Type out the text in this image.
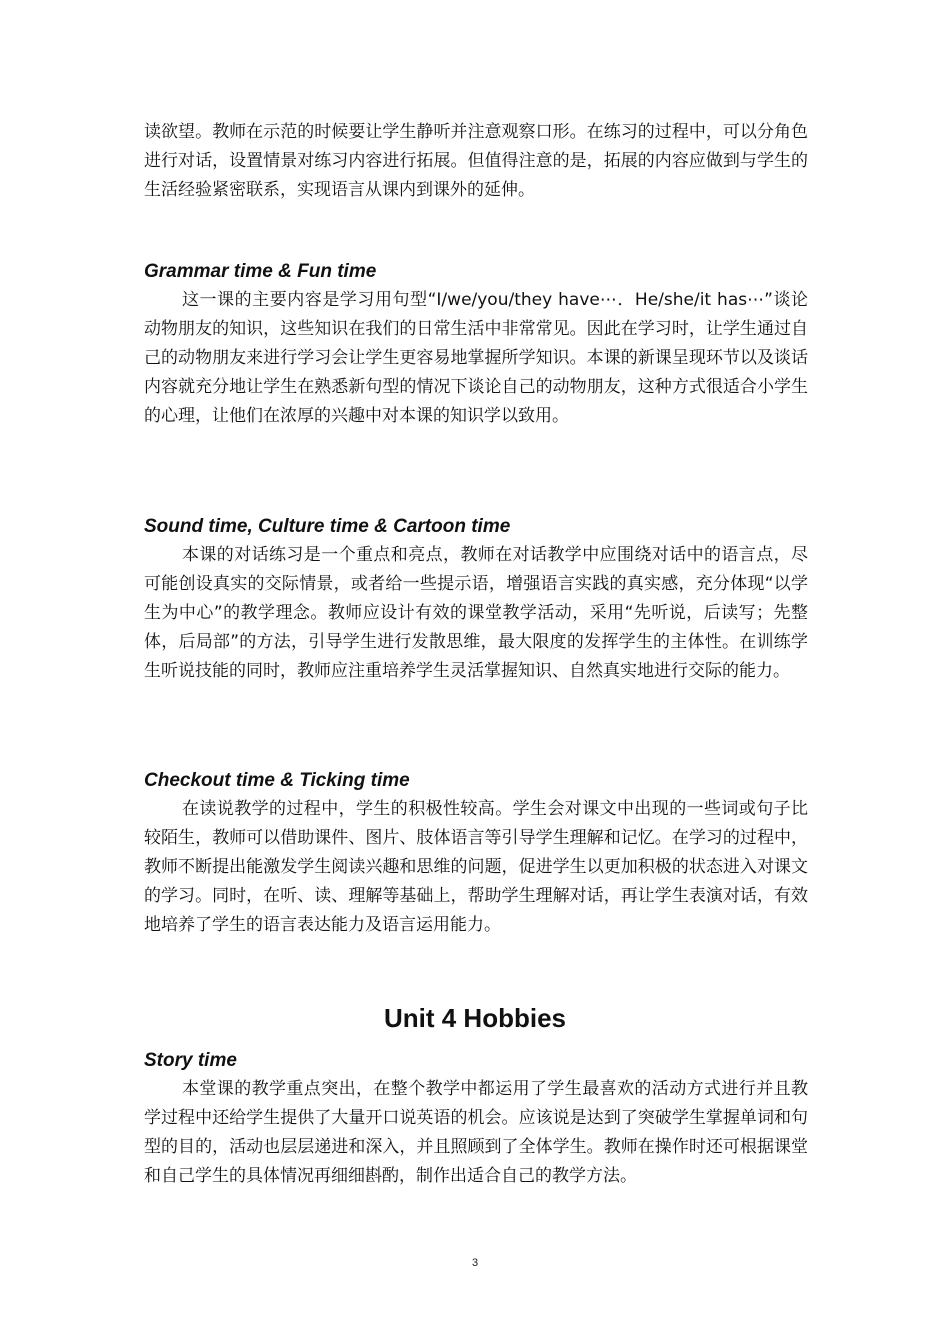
读欲望。教师在示范的时候要让学生静听并注意观察口形。在练习的过程中，可以分角色进行对话，设置情景对练习内容进行拓展。但值得注意的是，拓展的内容应做到与学生的生活经验紧密联系，实现语言从课内到课外的延伸。

Grammar time & Fun time

这一课的主要内容是学习用句型“I/we/you/they have⋯．He/she/it has⋯”谈论动物朋友的知识，这些知识在我们的日常生活中非常常见。因此在学习时，让学生通过自己的动物朋友来进行学习会让学生更容易地掌握所学知识。本课的新课呈现环节以及谈话内容就充分地让学生在熟悉新句型的情况下谈论自己的动物朋友，这种方式很适合小学生的心理，让他们在浓厚的兴趣中对本课的知识学以致用。

Sound time, Culture time & Cartoon time

本课的对话练习是一个重点和亮点，教师在对话教学中应围绕对话中的语言点，尽可能创设真实的交际情景，或者给一些提示语，增强语言实践的真实感，充分体现“以学生为中心”的教学理念。教师应设计有效的课堂教学活动，采用“先听说，后读写；先整体，后局部”的方法，引导学生进行发散思维，最大限度的发挥学生的主体性。在训练学生听说技能的同时，教师应注重培养学生灵活掌握知识、自然真实地进行交际的能力。

Checkout time & Ticking time

在读说教学的过程中，学生的积极性较高。学生会对课文中出现的一些词或句子比较陌生，教师可以借助课件、图片、肢体语言等引导学生理解和记忆。在学习的过程中，教师不断提出能激发学生阅读兴趣和思维的问题，促进学生以更加积极的状态进入对课文的学习。同时，在听、读、理解等基础上，帮助学生理解对话，再让学生表演对话，有效地培养了学生的语言表达能力及语言运用能力。

Unit 4 Hobbies
Story time

本堂课的教学重点突出，在整个教学中都运用了学生最喜欢的活动方式进行并且教学过程中还给学生提供了大量开口说英语的机会。应该说是达到了突破学生掌握单词和句型的目的，活动也层层递进和深入，并且照顾到了全体学生。教师在操作时还可根据课堂和自己学生的具体情况再细细斟酌，制作出适合自己的教学方法。

3
